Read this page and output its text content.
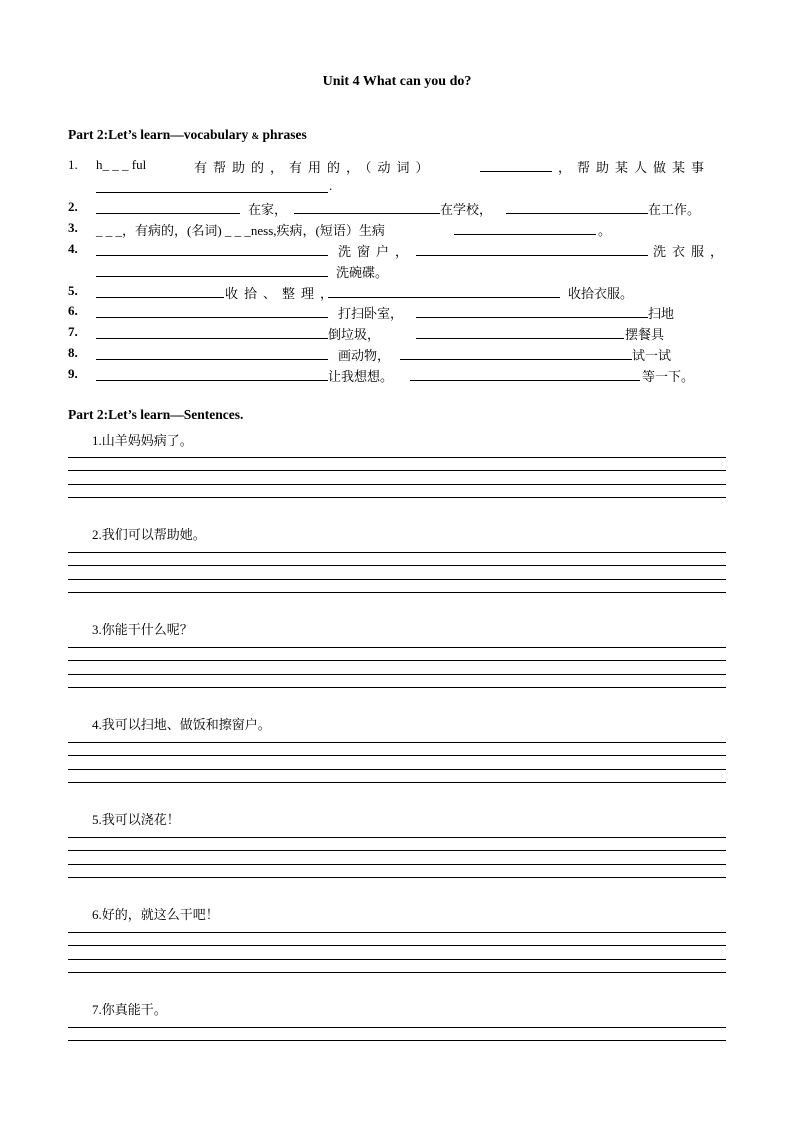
Unit 4 What can you do?
Part 2:Let’s learn—vocabulary & phrases
1. h_ _ _ ful	有帮助的，有用的，（动词）	，帮助某人做某事
.
2.	在家，	在学校，	在工作。
3. _ _ _，有病的，(名词) _ _ _ness,疾病，(短语）生病	。
4.	洗窗户，	洗衣服，
洗碗碟。
5.	收拾、整理，	收拾衣服。
6.	打扫卧室，	扫地
7.	倒垃圾，	摆餐具
8.	画动物，	试一试
9.	让我想想。	等一下。
Part 2:Let’s learn—Sentences.
1.山羊妈妈病了。
2.我们可以帮助她。
3.你能干什么呢？
4.我可以扫地、做饭和擦窗户。
5.我可以浇花！
6.好的，就这么干吧！
7.你真能干。
